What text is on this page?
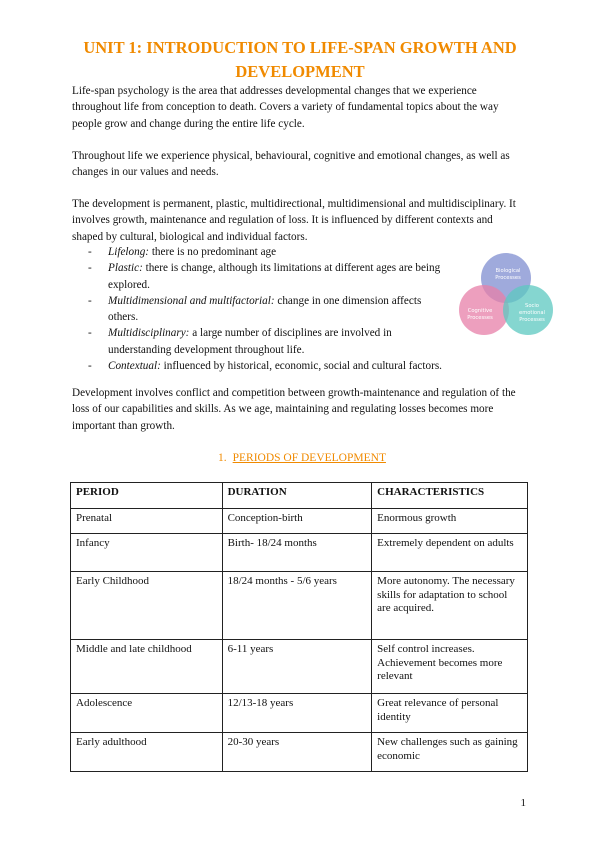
UNIT 1: INTRODUCTION TO LIFE-SPAN GROWTH AND DEVELOPMENT

Life-span psychology is the area that addresses developmental changes that we experience throughout life from conception to death. Covers a variety of fundamental topics about the way people grow and change during the entire life cycle.

Throughout life we experience physical, behavioural, cognitive and emotional changes, as well as changes in our values and needs.

The development is permanent, plastic, multidirectional, multidimensional and multidisciplinary. It involves growth, maintenance and regulation of loss. It is influenced by different contexts and shaped by cultural, biological and individual factors.

- Lifelong: there is no predominant age
- Plastic: there is change, although its limitations at different ages are being explored.
- Multidimensional and multifactorial: change in one dimension affects others.
- Multidisciplinary: a large number of disciplines are involved in understanding development throughout life.
- Contextual: influenced by historical, economic, social and cultural factors.
Biological
Processes
Cognitive
Processes
Socio
emotional
Processes

Development involves conflict and competition between growth-maintenance and regulation of the loss of our capabilities and skills. As we age, maintaining and regulating losses becomes more important than growth.

1. PERIODS OF DEVELOPMENT
PERIOD	DURATION	CHARACTERISTICS
Prenatal	Conception-birth	Enormous growth
Infancy	Birth- 18/24 months	Extremely dependent on adults
Early Childhood	18/24 months - 5/6 years	More autonomy. The necessary skills for adaptation to school are acquired.
Middle and late childhood	6-11 years	Self control increases. Achievement becomes more relevant
Adolescence	12/13-18 years	Great relevance of personal identity
Early adulthood	20-30 years	New challenges such as gaining economic
1
